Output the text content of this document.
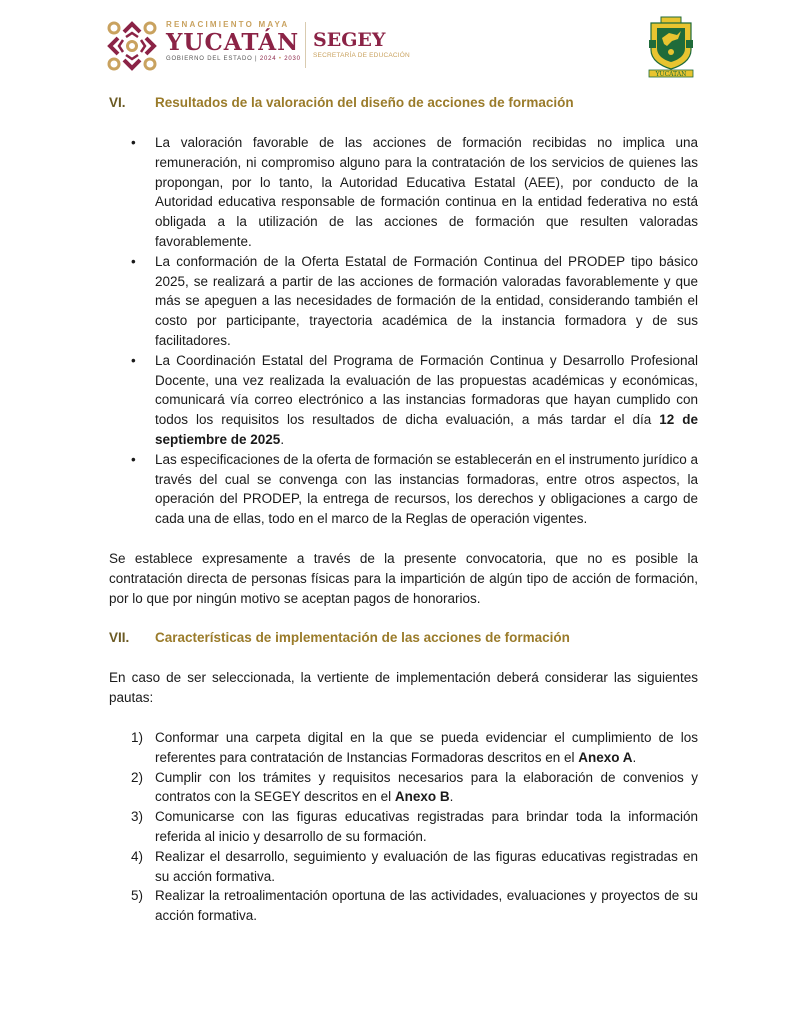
RENACIMIENTO MAYA
YUCATÁN
GOBIERNO DEL ESTADO | 2024 • 2030
SEGEY
SECRETARÍA DE EDUCACIÓN
YUCATAN
VI.	Resultados de la valoración del diseño de acciones de formación
• La valoración favorable de las acciones de formación recibidas no implica una remuneración, ni compromiso alguno para la contratación de los servicios de quienes las propongan, por lo tanto, la Autoridad Educativa Estatal (AEE), por conducto de la Autoridad educativa responsable de formación continua en la entidad federativa no está obligada a la utilización de las acciones de formación que resulten valoradas favorablemente.
• La conformación de la Oferta Estatal de Formación Continua del PRODEP tipo básico 2025, se realizará a partir de las acciones de formación valoradas favorablemente y que más se apeguen a las necesidades de formación de la entidad, considerando también el costo por participante, trayectoria académica de la instancia formadora y de sus facilitadores.
• La Coordinación Estatal del Programa de Formación Continua y Desarrollo Profesional Docente, una vez realizada la evaluación de las propuestas académicas y económicas, comunicará vía correo electrónico a las instancias formadoras que hayan cumplido con todos los requisitos los resultados de dicha evaluación, a más tardar el día 12 de septiembre de 2025.
• Las especificaciones de la oferta de formación se establecerán en el instrumento jurídico a través del cual se convenga con las instancias formadoras, entre otros aspectos, la operación del PRODEP, la entrega de recursos, los derechos y obligaciones a cargo de cada una de ellas, todo en el marco de la Reglas de operación vigentes.

Se establece expresamente a través de la presente convocatoria, que no es posible la contratación directa de personas físicas para la impartición de algún tipo de acción de formación, por lo que por ningún motivo se aceptan pagos de honorarios.

VII.	Características de implementación de las acciones de formación

En caso de ser seleccionada, la vertiente de implementación deberá considerar las siguientes pautas:

1) Conformar una carpeta digital en la que se pueda evidenciar el cumplimiento de los referentes para contratación de Instancias Formadoras descritos en el Anexo A.
2) Cumplir con los trámites y requisitos necesarios para la elaboración de convenios y contratos con la SEGEY descritos en el Anexo B.
3) Comunicarse con las figuras educativas registradas para brindar toda la información referida al inicio y desarrollo de su formación.
4) Realizar el desarrollo, seguimiento y evaluación de las figuras educativas registradas en su acción formativa.
5) Realizar la retroalimentación oportuna de las actividades, evaluaciones y proyectos de su acción formativa.
